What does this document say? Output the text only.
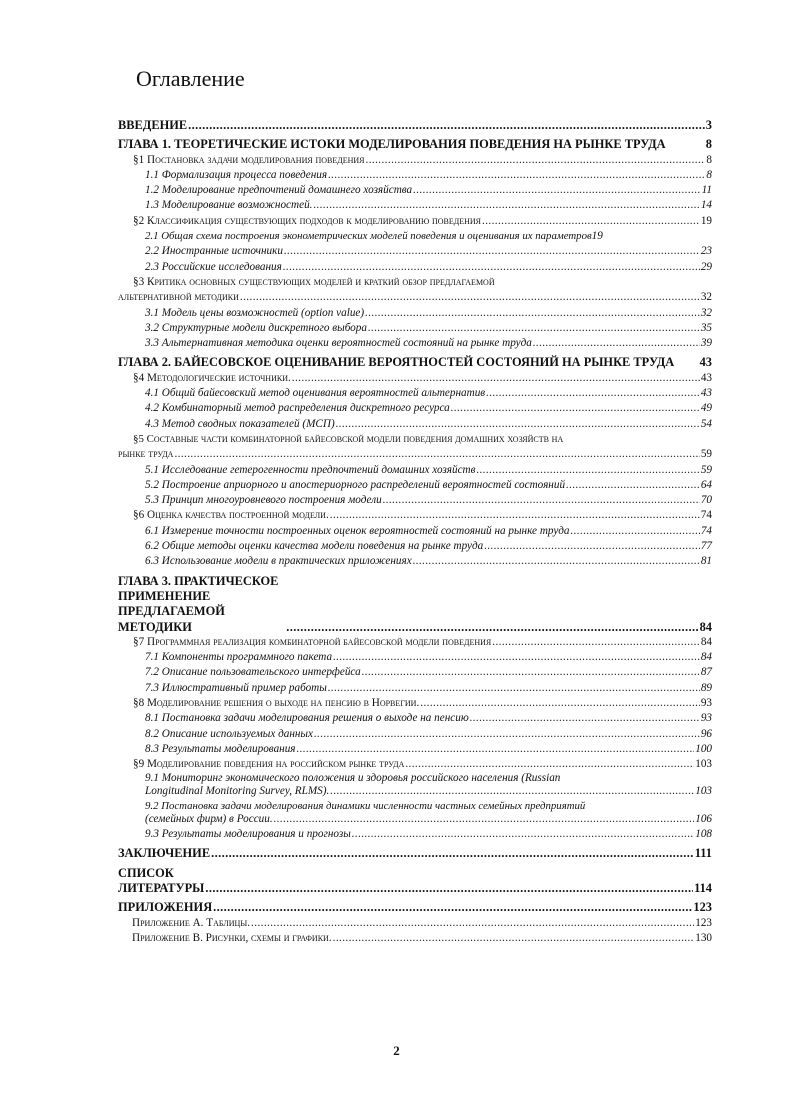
Оглавление
ВВЕДЕНИЕ .....	3
ГЛАВА 1. ТЕОРЕТИЧЕСКИЕ ИСТОКИ МОДЕЛИРОВАНИЯ ПОВЕДЕНИЯ НА РЫНКЕ ТРУДА	8
§1 Постановка задачи моделирования поведения .....	8
1.1 Формализация процесса поведения .....	8
1.2 Моделирование предпочтений домашнего хозяйства .....	11
1.3 Моделирование возможностей. .....	14
§2 Классификация существующих подходов к моделированию поведения .....	19
2.1 Общая схема построения эконометрических моделей поведения и оценивания их параметров 19
2.2 Иностранные источники .....	23
2.3 Российские исследования .....	29
§3 Критика основных существующих моделей и краткий обзор предлагаемой
альтернативной методики .....	32
3.1 Модель цены возможностей (option value) .....	32
3.2 Структурные модели дискретного выбора .....	35
3.3 Альтернативная методика оценки вероятностей состояний на рынке труда .....	39
ГЛАВА 2. БАЙЕСОВСКОЕ ОЦЕНИВАНИЕ ВЕРОЯТНОСТЕЙ СОСТОЯНИЙ НА РЫНКЕ ТРУДА	43
§4 Методологические источники. .....	43
4.1 Общий байесовский метод оценивания вероятностей альтернатив .....	43
4.2 Комбинаторный метод распределения дискретного ресурса .....	49
4.3 Метод сводных показателей (МСП) .....	54
§5 Составные части комбинаторной байесовской модели поведения домашних хозяйств на
рынке труда .....	59
5.1 Исследование гетерогенности предпочтений домашних хозяйств .....	59
5.2 Построение априорного и апостериорного распределений вероятностей состояний .....	64
5.3 Принцип многоуровневого построения модели .....	70
§6 Оценка качества построенной модели. .....	74
6.1 Измерение точности построенных оценок вероятностей состояний на рынке труда .....	74
6.2 Общие методы оценки качества модели поведения на рынке труда .....	77
6.3 Использование модели в практических приложениях .....	81
ГЛАВА 3. ПРАКТИЧЕСКОЕ ПРИМЕНЕНИЕ ПРЕДЛАГАЕМОЙ МЕТОДИКИ .....	84
§7 Программная реализация комбинаторной байесовской модели поведения .....	84
7.1 Компоненты программного пакета .....	84
7.2 Описание пользовательского интерфейса .....	87
7.3 Иллюстративный пример работы .....	89
§8 Моделирование решения о выходе на пенсию в Норвегии. .....	93
8.1 Постановка задачи моделирования решения о выходе на пенсию .....	93
8.2 Описание используемых данных .....	96
8.3 Результаты моделирования .....	100
§9 Моделирование поведения на российском рынке труда .....	103
9.1 Мониторинг экономического положения и здоровья российского населения (Russian
Longitudinal Monitoring Survey, RLMS). .....	103
9.2 Постановка задачи моделирования динамики численности частных семейных предприятий
(семейных фирм) в России. .....	106
9.3 Результаты моделирования и прогнозы .....	108
ЗАКЛЮЧЕНИЕ .....	111
СПИСОК ЛИТЕРАТУРЫ .....	114
ПРИЛОЖЕНИЯ .....	123
Приложение A. Таблицы. .....	123
Приложение B. Рисунки, схемы и графики. .....	130
2
